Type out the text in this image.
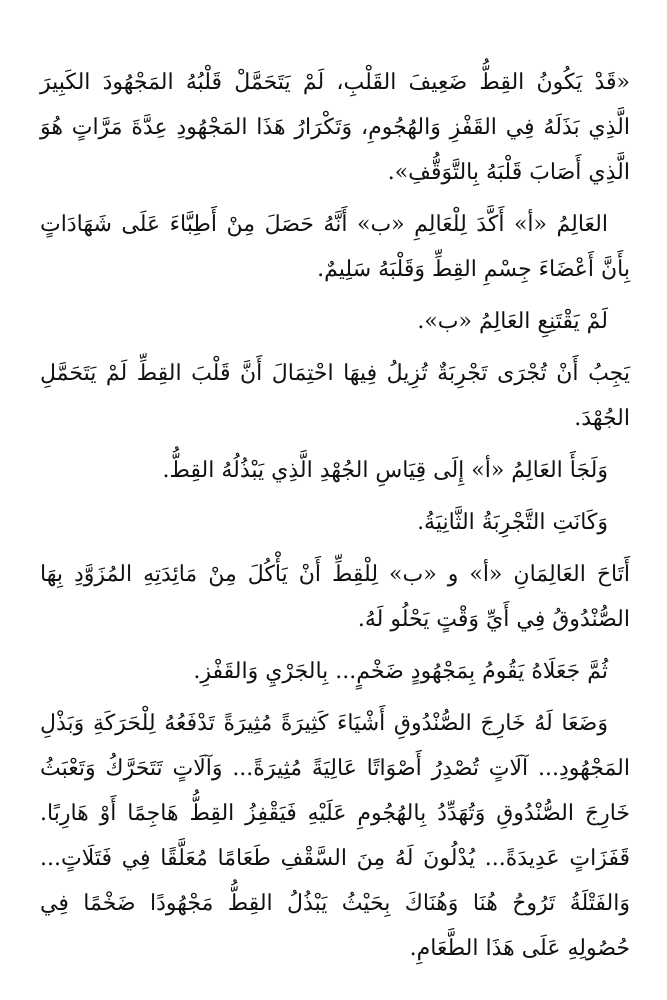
«قَدْ يَكُونُ القِطُّ ضَعِيفَ القَلْبِ، لَمْ يَتَحَمَّلْ قَلْبُهُ المَجْهُودَ الكَبِيرَ الَّذِي بَذَلَهُ فِي القَفْزِ وَالهُجُومِ، وَتَكْرَارُ هَذَا المَجْهُودِ عِدَّةَ مَرَّاتٍ هُوَ الَّذِي أَصَابَ قَلْبَهُ بِالتَّوَقُّفِ».

العَالِمُ «أ» أَكَّدَ لِلْعَالِمِ «ب» أَنَّهُ حَصَلَ مِنْ أَطِبَّاءَ عَلَى شَهَادَاتٍ بِأَنَّ أَعْضَاءَ جِسْمِ القِطِّ وَقَلْبَهُ سَلِيمٌ.

لَمْ يَقْتَنِعِ العَالِمُ «ب».

يَجِبُ أَنْ تُجْرَى تَجْرِبَةٌ تُزِيلُ فِيهَا احْتِمَالَ أَنَّ قَلْبَ القِطِّ لَمْ يَتَحَمَّلِ الجُهْدَ.

وَلَجَأَ العَالِمُ «أ» إِلَى قِيَاسِ الجُهْدِ الَّذِي يَبْذُلُهُ القِطُّ.

وَكَانَتِ التَّجْرِبَةُ الثَّانِيَةُ.

أَتَاحَ العَالِمَانِ «أ» و «ب» لِلْقِطِّ أَنْ يَأْكُلَ مِنْ مَائِدَتِهِ المُزَوَّدِ بِهَا الصُّنْدُوقُ فِي أَيِّ وَقْتٍ يَحْلُو لَهُ.

ثُمَّ جَعَلَاهُ يَقُومُ بِمَجْهُودٍ ضَخْمٍ... بِالجَرْيِ وَالقَفْزِ.

وَضَعَا لَهُ خَارِجَ الصُّنْدُوقِ أَشْيَاءَ كَثِيرَةً مُثِيرَةً تَدْفَعُهُ لِلْحَرَكَةِ وَبَذْلِ المَجْهُودِ... آلَاتٍ تُصْدِرُ أَصْوَاتًا عَالِيَةً مُثِيرَةً... وَآلَاتٍ تَتَحَرَّكُ وَتَعْبَثُ خَارِجَ الصُّنْدُوقِ وَتُهَدِّدُ بِالهُجُومِ عَلَيْهِ فَيَقْفِزُ القِطُّ هَاجِمًا أَوْ هَارِبًا. قَفَزَاتٍ عَدِيدَةً... يُدْلُونَ لَهُ مِنَ السَّقْفِ طَعَامًا مُعَلَّقًا فِي فَتَلَاتٍ... وَالفَتْلَةُ تَرُوحُ هُنَا وَهُنَاكَ بِحَيْثُ يَبْذُلُ القِطُّ مَجْهُودًا ضَخْمًا فِي حُصُولِهِ عَلَى هَذَا الطَّعَامِ.
